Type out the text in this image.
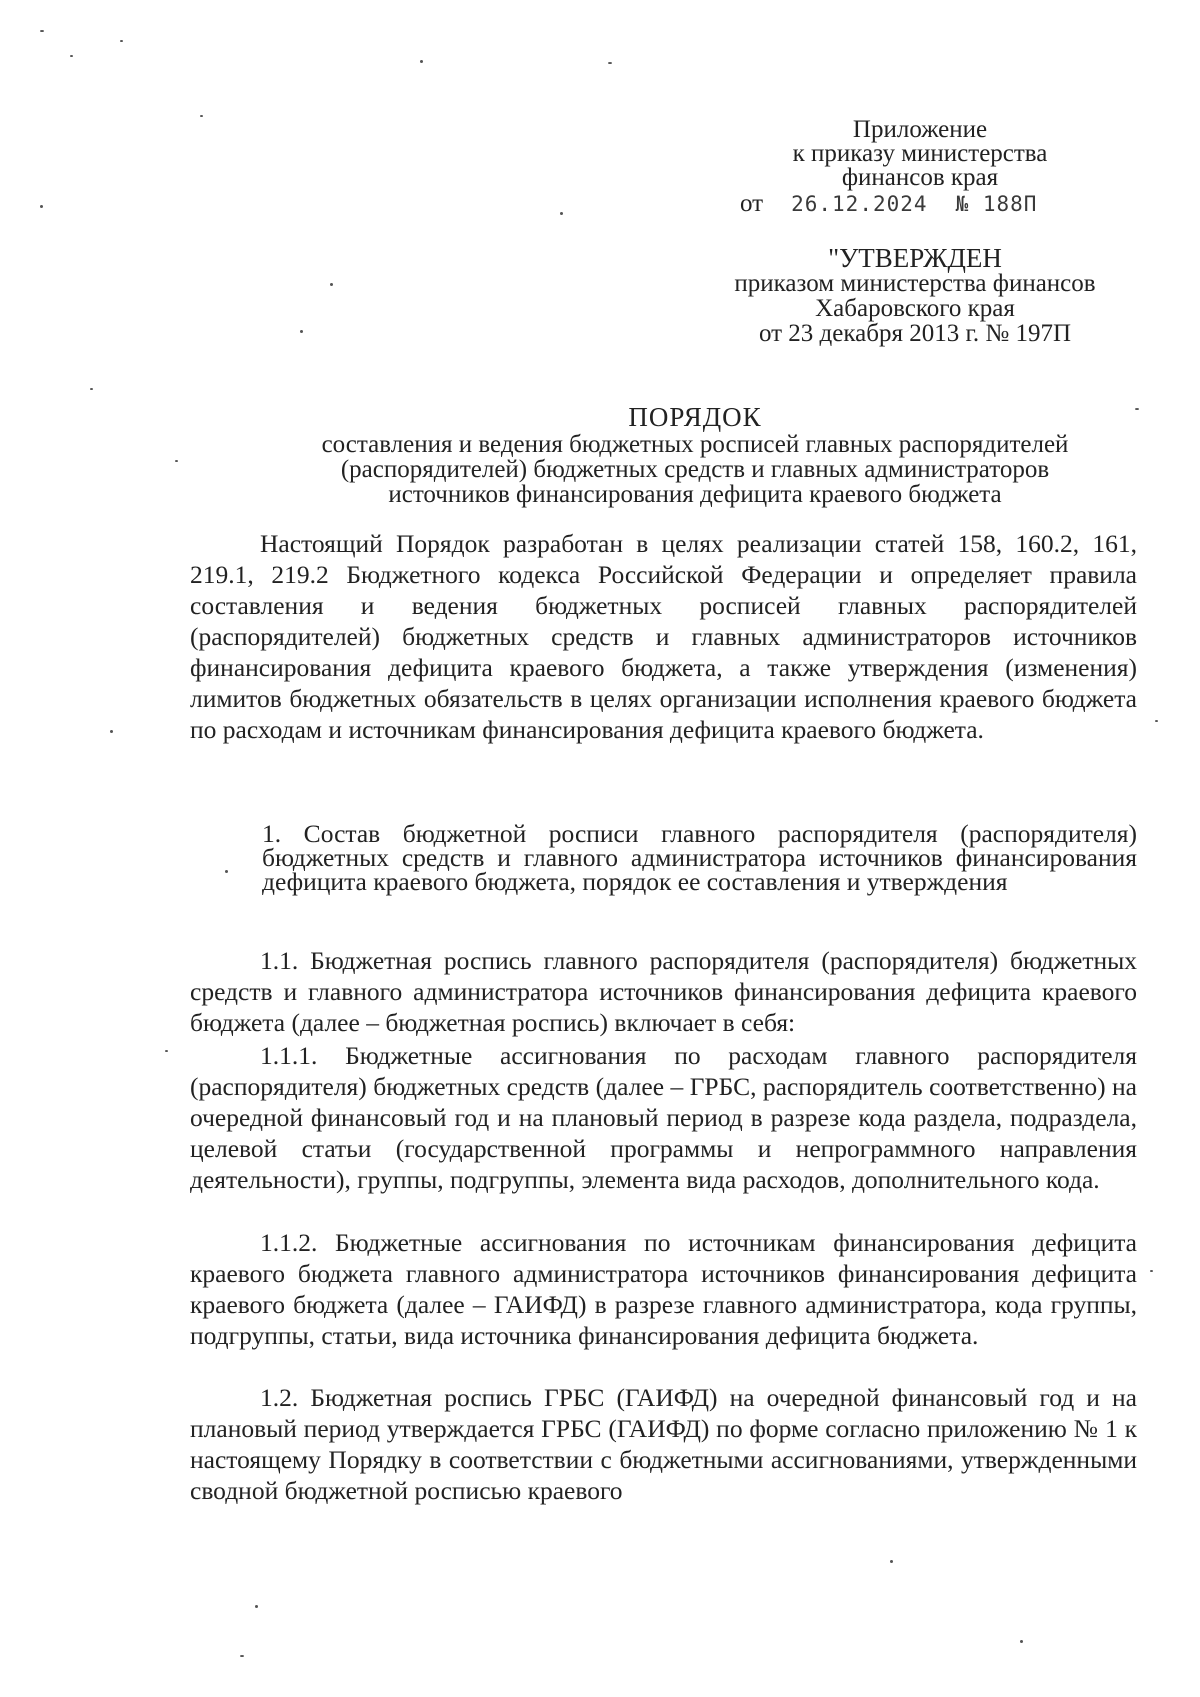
Приложение
к приказу министерства
финансов края
от 26.12.2024 № 188П
"УТВЕРЖДЕН
приказом министерства финансов
Хабаровского края
от 23 декабря 2013 г. № 197П
ПОРЯДОК
составления и ведения бюджетных росписей главных распорядителей
(распорядителей) бюджетных средств и главных администраторов
источников финансирования дефицита краевого бюджета

Настоящий Порядок разработан в целях реализации статей 158, 160.2, 161, 219.1, 219.2 Бюджетного кодекса Российской Федерации и определяет правила составления и ведения бюджетных росписей главных распорядителей (распорядителей) бюджетных средств и главных администраторов источников финансирования дефицита краевого бюджета, а также утверждения (изменения) лимитов бюджетных обязательств в целях организации исполнения краевого бюджета по расходам и источникам финансирования дефицита краевого бюджета.

1. Состав бюджетной росписи главного распорядителя (распорядителя) бюджетных средств и главного администратора источников финансирования дефицита краевого бюджета, порядок ее составления и утверждения

1.1. Бюджетная роспись главного распорядителя (распорядителя) бюджетных средств и главного администратора источников финансирования дефицита краевого бюджета (далее – бюджетная роспись) включает в себя:

1.1.1. Бюджетные ассигнования по расходам главного распорядителя (распорядителя) бюджетных средств (далее – ГРБС, распорядитель соответственно) на очередной финансовый год и на плановый период в разрезе кода раздела, подраздела, целевой статьи (государственной программы и непрограммного направления деятельности), группы, подгруппы, элемента вида расходов, дополнительного кода.

1.1.2. Бюджетные ассигнования по источникам финансирования дефицита краевого бюджета главного администратора источников финансирования дефицита краевого бюджета (далее – ГАИФД) в разрезе главного администратора, кода группы, подгруппы, статьи, вида источника финансирования дефицита бюджета.

1.2. Бюджетная роспись ГРБС (ГАИФД) на очередной финансовый год и на плановый период утверждается ГРБС (ГАИФД) по форме согласно приложению № 1 к настоящему Порядку в соответствии с бюджетными ассигнованиями, утвержденными сводной бюджетной росписью краевого
